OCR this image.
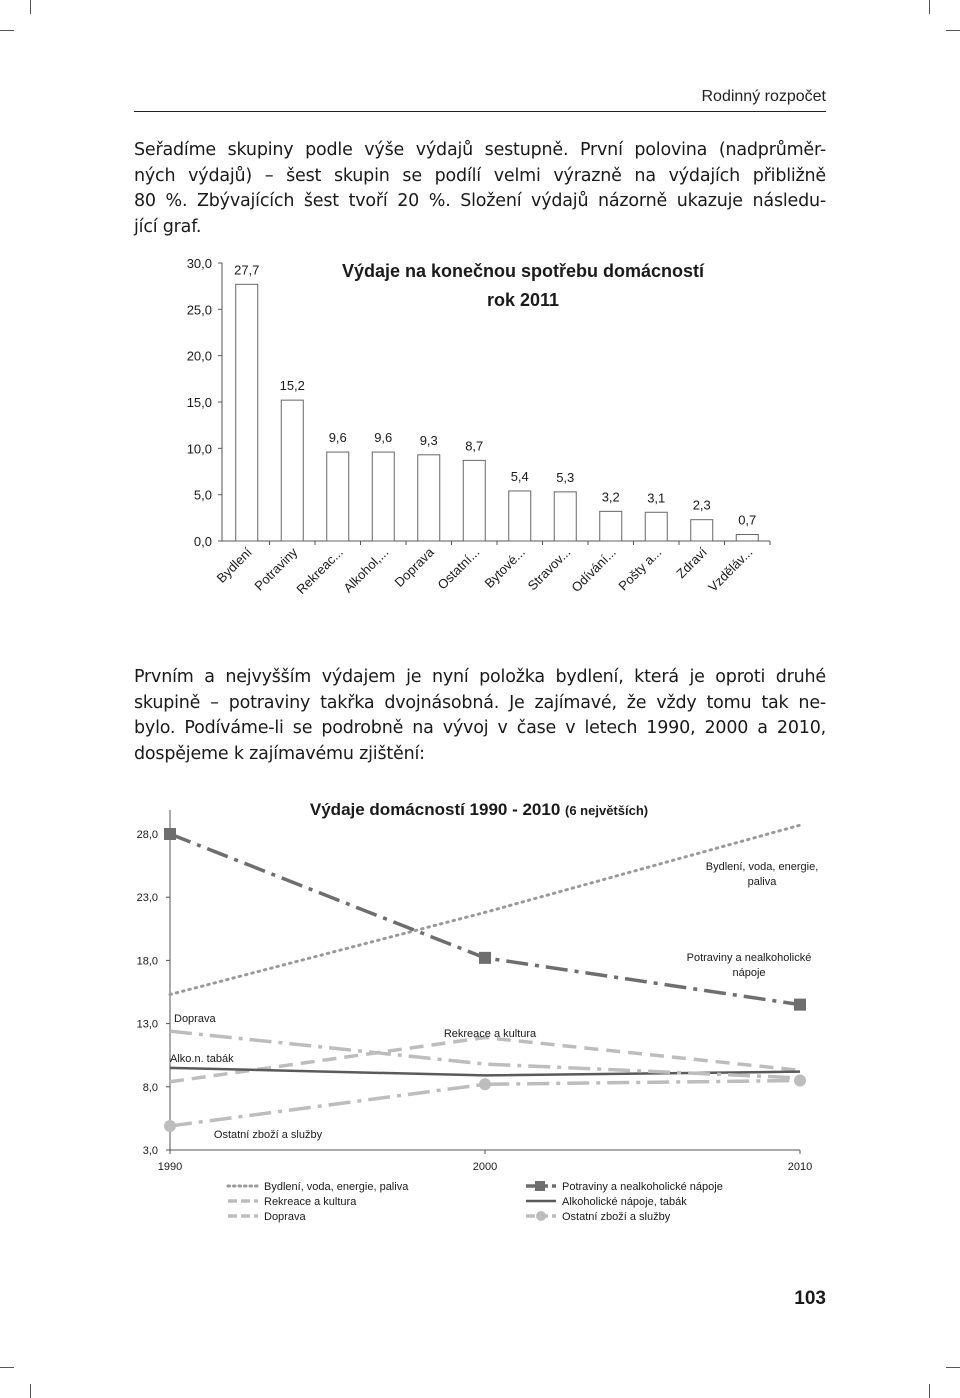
Rodinný rozpočet

Seřadíme skupiny podle výše výdajů sestupně. První polovina (nadprůměr-
ných výdajů) – šest skupin se podílí velmi výrazně na výdajích přibližně
80 %. Zbývajících šest tvoří 20 %. Složení výdajů názorně ukazuje následu-
jící graf.

0,0
5,0
10,0
15,0
20,0
25,0
30,0 27,7
Bydlení
15,2
Potraviny
9,6
Rekreac...
9,6
Alkohol,...
9,3
Doprava
8,7
Ostatní...
5,4
Bytové...
5,3
Stravov...
3,2
Odívání...
3,1
Pošty a...
2,3
Zdraví
0,7
Vzděláv...
Výdaje na konečnou spotřebu domácností
rok 2011

Prvním a nejvyšším výdajem je nyní položka bydlení, která je oproti druhé
skupině – potraviny takřka dvojnásobná. Je zajímavé, že vždy tomu tak ne-
bylo. Podíváme-li se podrobně na vývoj v čase v letech 1990, 2000 a 2010,
dospějeme k zajímavému zjištění:

3,0
8,0
13,0
18,0
23,0
28,0
1990	2000	2010
Bydlení, voda, energie,
paliva
Potraviny a nealkoholické
nápoje
Rekreace a kultura
Alko.n. tabák
Doprava
Ostatní zboží a služby
Výdaje domácností 1990 - 2010 (6 největších)
Bydlení, voda, energie, paliva	Potraviny a nealkoholické nápoje
Rekreace a kultura	Alkoholické nápoje, tabák
Doprava	Ostatní zboží a služby
103
